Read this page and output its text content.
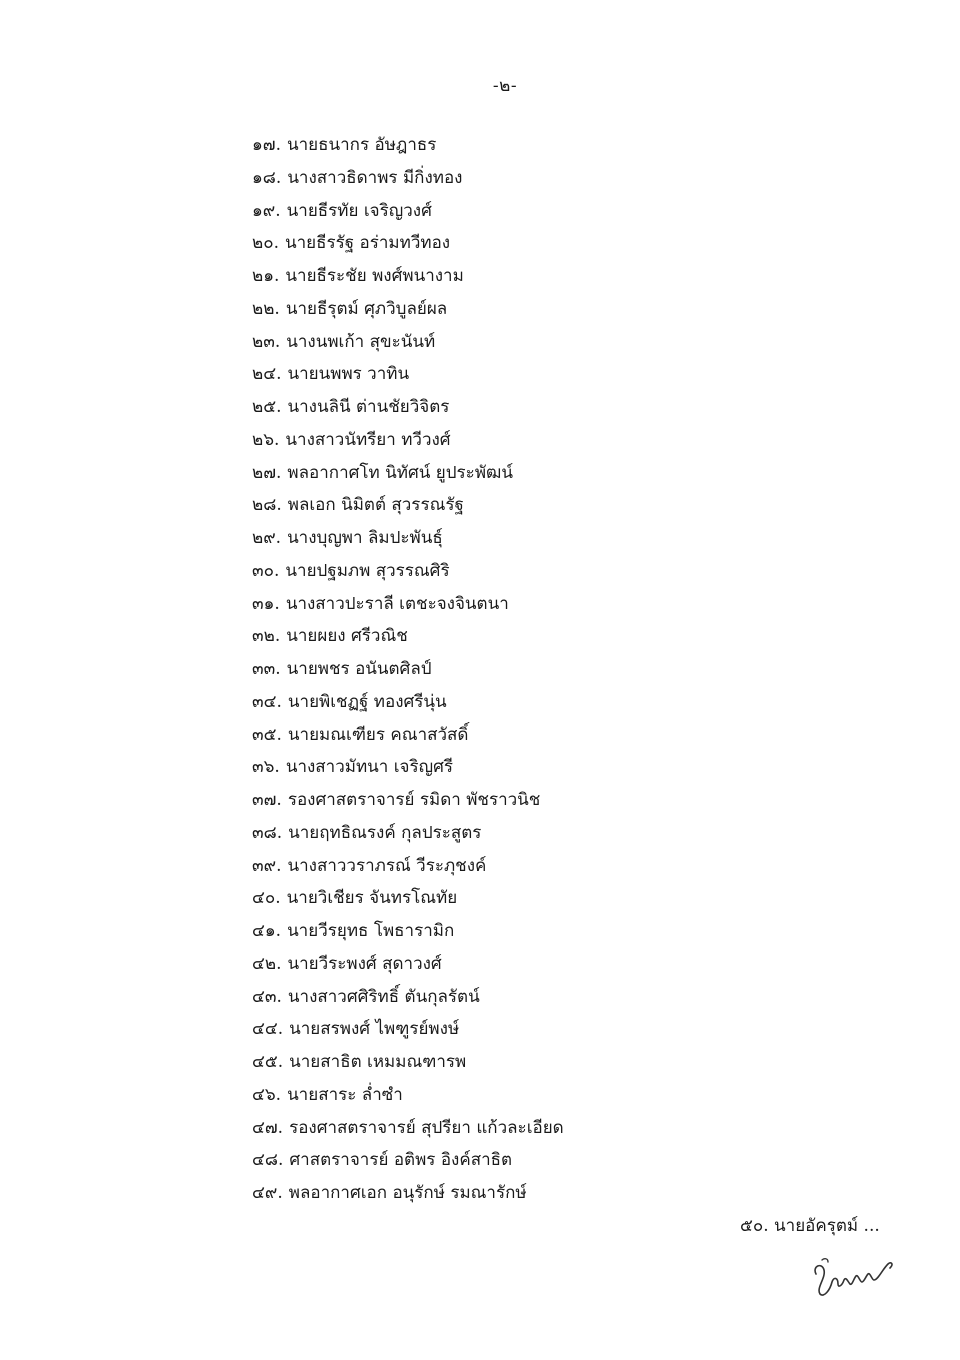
-๒-
๑๗. นายธนากร อัษฎาธร
๑๘. นางสาวธิดาพร มีกิ่งทอง
๑๙. นายธีรทัย เจริญวงศ์
๒๐. นายธีรรัฐ อร่ามทวีทอง
๒๑. นายธีระชัย พงศ์พนางาม
๒๒. นายธีรุตม์ ศุภวิบูลย์ผล
๒๓. นางนพเก้า สุขะนันท์
๒๔. นายนพพร วาทิน
๒๕. นางนลินี ต่านชัยวิจิตร
๒๖. นางสาวนัทรียา ทวีวงศ์
๒๗. พลอากาศโท นิทัศน์ ยูประพัฒน์
๒๘. พลเอก นิมิตต์ สุวรรณรัฐ
๒๙. นางบุญพา ลิมปะพันธุ์
๓๐. นายปฐมภพ สุวรรณศิริ
๓๑. นางสาวปะราลี เตชะจงจินตนา
๓๒. นายผยง ศรีวณิช
๓๓. นายพชร อนันตศิลป์
๓๔. นายพิเชฏฐ์ ทองศรีนุ่น
๓๕. นายมณเฑียร คณาสวัสดิ์
๓๖. นางสาวมัทนา เจริญศรี
๓๗. รองศาสตราจารย์ รมิดา พัชราวนิช
๓๘. นายฤทธิณรงค์ กุลประสูตร
๓๙. นางสาววราภรณ์ วีระภุชงค์
๔๐. นายวิเชียร จันทรโณทัย
๔๑. นายวีรยุทธ โพธารามิก
๔๒. นายวีระพงศ์ สุดาวงศ์
๔๓. นางสาวศศิริทธิ์ ตันกุลรัตน์
๔๔. นายสรพงศ์ ไพฑูรย์พงษ์
๔๕. นายสาธิต เหมมณฑารพ
๔๖. นายสาระ ล่ำซำ
๔๗. รองศาสตราจารย์ สุปรียา แก้วละเอียด
๔๘. ศาสตราจารย์ อติพร อิงค์สาธิต
๔๙. พลอากาศเอก อนุรักษ์ รมณารักษ์
๕๐. นายอัครุตม์ ...
